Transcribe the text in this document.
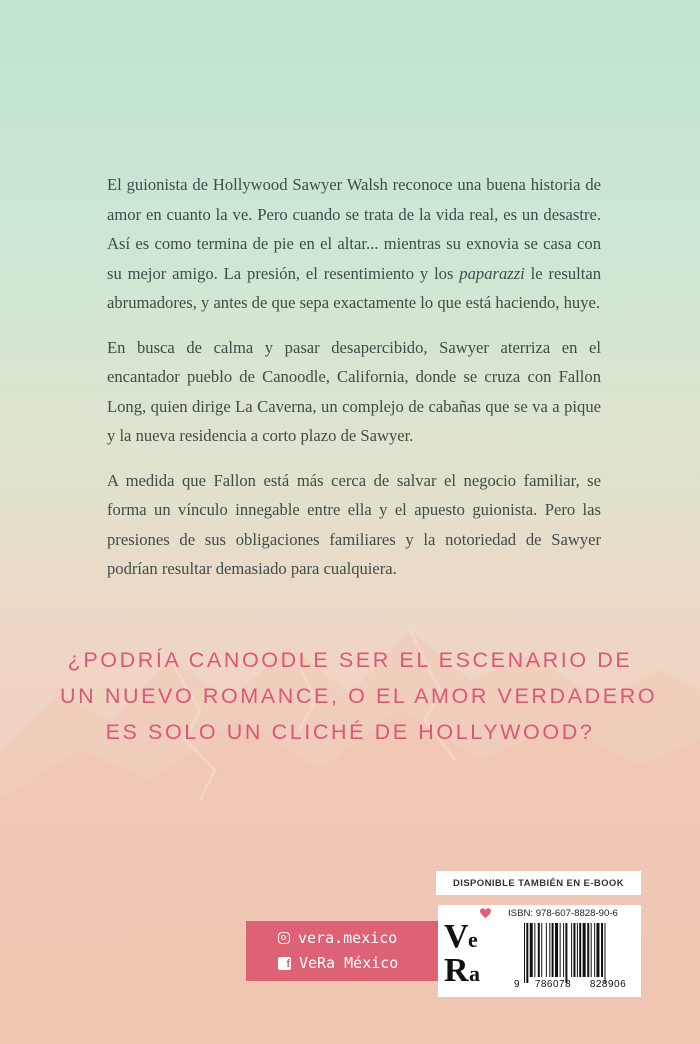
El guionista de Hollywood Sawyer Walsh reconoce una buena historia de amor en cuanto la ve. Pero cuando se trata de la vida real, es un desastre. Así es como termina de pie en el altar... mientras su exnovia se casa con su mejor amigo. La presión, el resentimiento y los paparazzi le resultan abrumadores, y antes de que sepa exactamente lo que está haciendo, huye.

En busca de calma y pasar desapercibido, Sawyer aterriza en el encantador pueblo de Canoodle, California, donde se cruza con Fallon Long, quien dirige La Caverna, un complejo de cabañas que se va a pique y la nueva residencia a corto plazo de Sawyer.

A medida que Fallon está más cerca de salvar el negocio familiar, se forma un vínculo innegable entre ella y el apuesto guionista. Pero las presiones de sus obligaciones familiares y la notoriedad de Sawyer podrían resultar demasiado para cualquiera.

¿PODRÍA CANOODLE SER EL ESCENARIO DE
UN NUEVO ROMANCE, O EL AMOR VERDADERO
ES SOLO UN CLICHÉ DE HOLLYWOOD?
DISPONIBLE TAMBIÉN EN E-BOOK
vera.mexico
f VeRa México
V e
R a
ISBN: 978-607-8828-90-6
9	786078	828906
